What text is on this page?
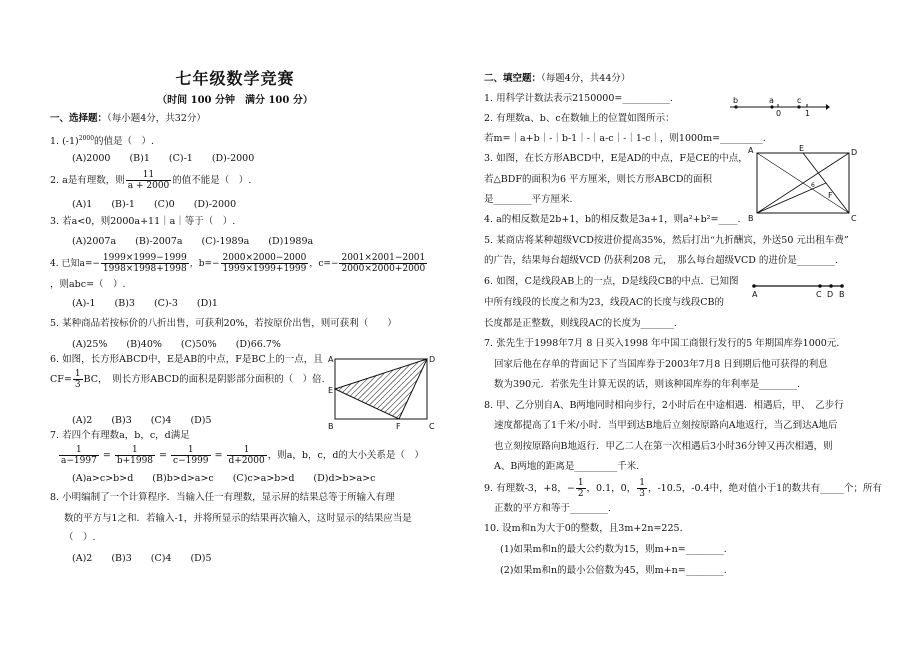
七年级数学竞赛
（时间 100 分钟　满分 100 分）
一、选择题：（每小题4分，共32分）
1. $(-1)^{2000}$的值是（　）.
(A)2000　　(B)1　　(C)-1　　(D)-2000
2. a是有理数，则 $\frac{11}{a + 2000}$ 的值不能是（　）.
(A)1　　(B)-1　　(C)0　　(D)-2000
3. 若a<0，则2000a+11｜a｜等于（　）.
(A)2007a　　(B)-2007a　　(C)-1989a　　(D)1989a
4. 已知$a=- \frac{1999\times 1999-1999}{1998\times 1998+1998}$ ，$b=- \frac{2000\times 2000-2000}{1999\times 1999+1999}$ ，$c=- \frac{2001\times 2001-2001}{2000\times 2000+2000}$
，则abc=（　）.
(A)-1　　(B)3　　(C)-3　　(D)1
5. 某种商品若按标价的八折出售，可获利20%，若按原价出售，则可获利（　　）
(A)25%　　(B)40%　　(C)50%　　(D)66.7%
6. 如图，长方形ABCD中，E是AB的中点，F是BC上的一点，且
$CF= \frac{1}{3}$ BC，　则长方形ABCD的面积是阴影部分面积的（　）倍.
(A)2　　(B)3　　(C)4　　(D)5
A	D
E
B	F	C
7. 若四个有理数a，b，c，d满足
$\frac{1}{a-1997} = \frac{1}{b+1998} = \frac{1}{c-1999} = \frac{1}{d+2000}$ ，则a，b，c，d的大小关系是（　）
(A)a>c>b>d　　(B)b>d>a>c　　(C)c>a>b>d　　(D)d>b>a>c
8. 小明编制了一个计算程序．当输入任一有理数，显示屏的结果总等于所输入有理
数的平方与1之和．若输入-1，并将所显示的结果再次输入，这时显示的结果应当是
（　）.
(A)2　　(B)3　　(C)4　　(D)5
二、填空题：（每题4分，共44分）
1. 用科学计数法表示2150000=__________.	b	a
0
c
1
2. 有理数a、b、c在数轴上的位置如图所示：
若m=｜a+b｜-｜b-1｜-｜a-c｜-｜1-c｜，则1000m=_________.
3. 如图，在长方形ABCD中，E是AD的中点，F是CE的中点，
若△BDF的面积为6 平方厘米，则长方形ABCD的面积
是________平方厘米.
A	E	D
6
F
B	C
4. a的相反数是2b+1，b的相反数是3a+1，则a²+b²=____.
5. 某商店将某种超级VCD按进价提高35%，然后打出“九折酬宾，外送50 元出租车费”
的广告，结果每台超级VCD 仍获利208 元，　那么每台超级VCD 的进价是________.
6. 如图，C是线段AB上的一点，D是线段CB的中点．已知图
中所有线段的长度之和为23，线段AC的长度与线段CB的
长度都是正整数，则线段AC的长度为_______.
A	C D B
7. 张先生于1998年7月 8 日买入1998 年中国工商银行发行的5 年期国库券1000元．
回家后他在存单的背面记下了当国库券于2003年7月8 日到期后他可获得的利息
数为390元．若张先生计算无误的话，则该种国库券的年利率是________.
8. 甲、乙分别自A、B两地同时相向步行，2小时后在中途相遇．相遇后，甲、　乙步行
速度都提高了1千米/小时．当甲到达B地后立刻按原路向A地返行，当乙到达A地后
也立刻按原路向B地返行．甲乙二人在第一次相遇后3小时36分钟又再次相遇，则
A、B两地的距离是_________千米.
9. 有理数-3，+8，− $\frac{1}{2}$ ，0.1，0， $\frac{1}{3}$ ，-10.5，-0.4中，绝对值小于1的数共有_____个；所有
正数的平方和等于________.
10. 设m和n为大于0的整数，且3m+2n=225.
(1)如果m和n的最大公约数为15，则m+n=________.
(2)如果m和n的最小公倍数为45，则m+n=________.
